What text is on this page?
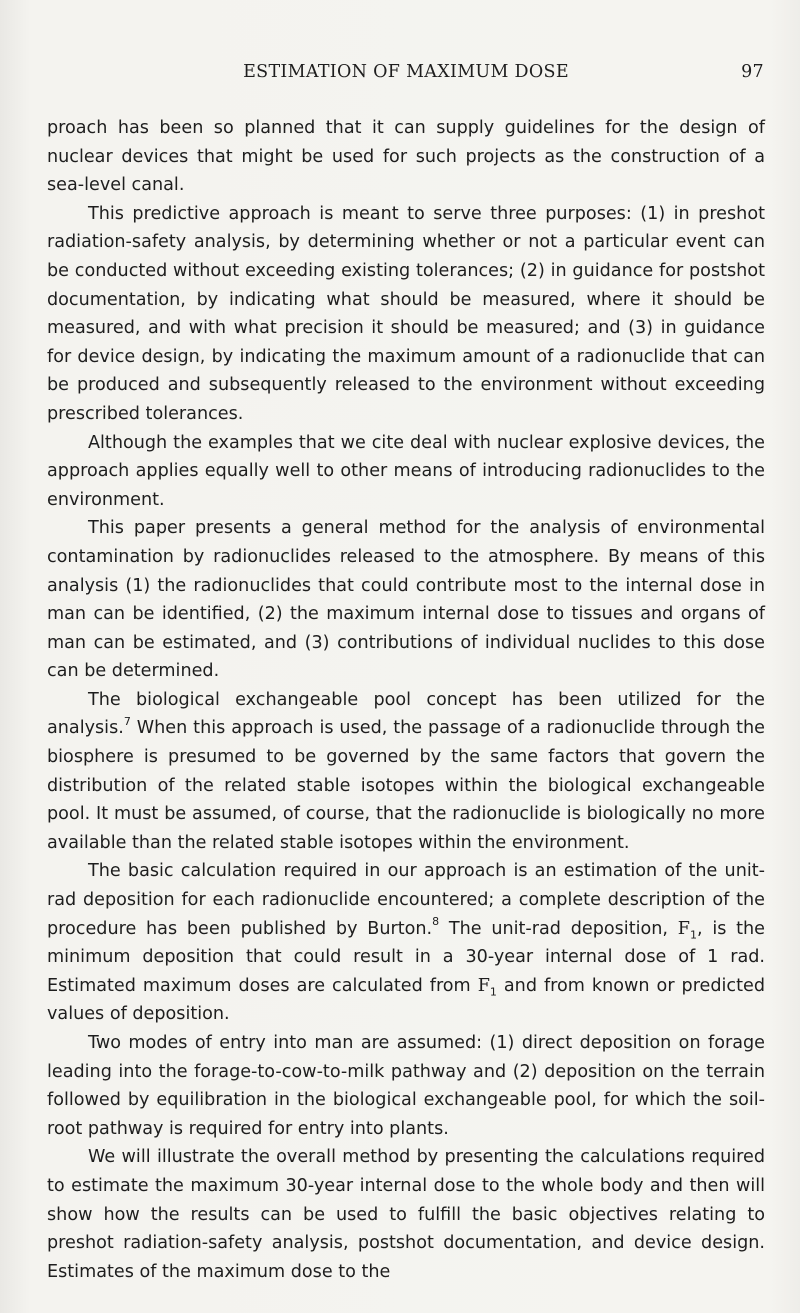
ESTIMATION OF MAXIMUM DOSE	97

proach has been so planned that it can supply guidelines for the design of nuclear devices that might be used for such projects as the construction of a sea-level canal.

This predictive approach is meant to serve three purposes: (1) in preshot radiation-safety analysis, by determining whether or not a particular event can be conducted without exceeding existing tolerances; (2) in guidance for postshot documentation, by indicating what should be measured, where it should be measured, and with what precision it should be measured; and (3) in guidance for device design, by indicating the maximum amount of a radionuclide that can be produced and subsequently released to the environment without exceeding prescribed tolerances.

Although the examples that we cite deal with nuclear explosive devices, the approach applies equally well to other means of introducing radionuclides to the environment.

This paper presents a general method for the analysis of environmental contamination by radionuclides released to the atmosphere. By means of this analysis (1) the radionuclides that could contribute most to the internal dose in man can be identified, (2) the maximum internal dose to tissues and organs of man can be estimated, and (3) contributions of individual nuclides to this dose can be determined.

The biological exchangeable pool concept has been utilized for the analysis.$^7$ When this approach is used, the passage of a radionuclide through the biosphere is presumed to be governed by the same factors that govern the distribution of the related stable isotopes within the biological exchangeable pool. It must be assumed, of course, that the radionuclide is biologically no more available than the related stable isotopes within the environment.

The basic calculation required in our approach is an estimation of the unit-rad deposition for each radionuclide encountered; a complete description of the procedure has been published by Burton.$^8$ The unit-rad deposition, $F_1$, is the minimum deposition that could result in a 30-year internal dose of 1 rad. Estimated maximum doses are calculated from $F_1$ and from known or predicted values of deposition.

Two modes of entry into man are assumed: (1) direct deposition on forage leading into the forage-to-cow-to-milk pathway and (2) deposition on the terrain followed by equilibration in the biological exchangeable pool, for which the soil-root pathway is required for entry into plants.

We will illustrate the overall method by presenting the calculations required to estimate the maximum 30-year internal dose to the whole body and then will show how the results can be used to fulfill the basic objectives relating to preshot radiation-safety analysis, postshot documentation, and device design. Estimates of the maximum dose to the
